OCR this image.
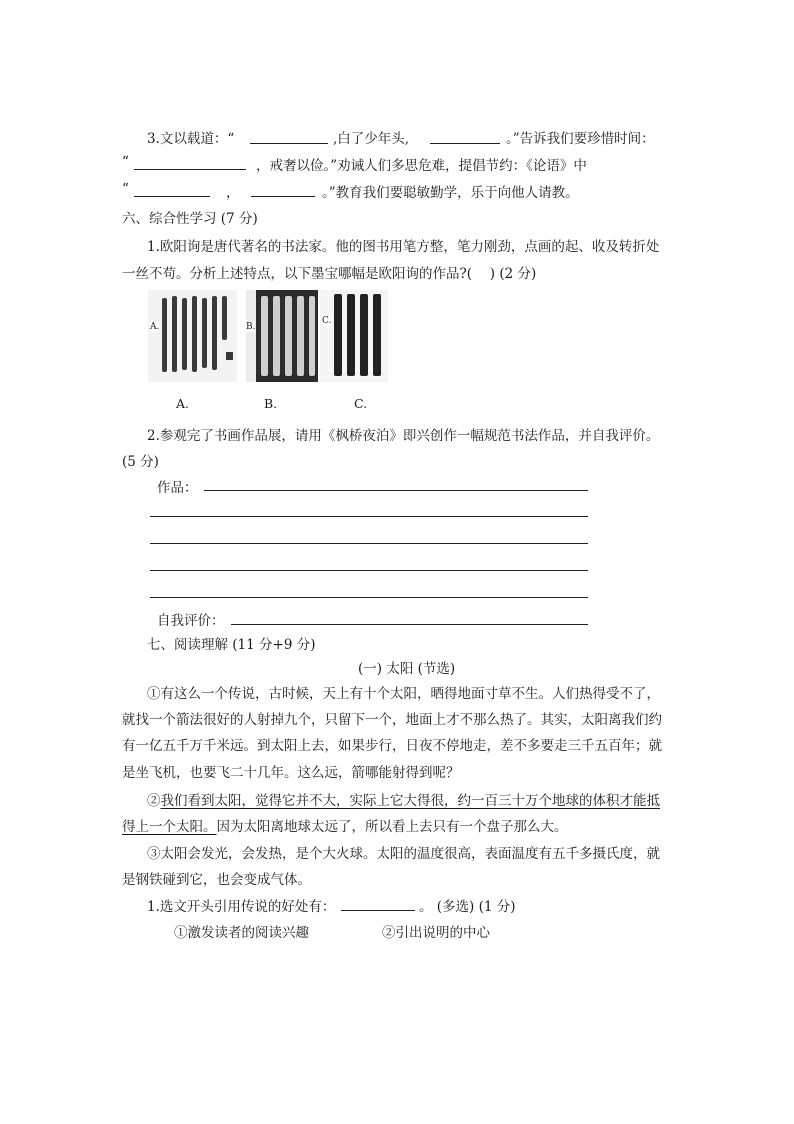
3.文以载道：“	,白了少年头,	。”告诉我们要珍惜时间：
“	，戒奢以俭。”劝诫人们多思危难，提倡节约：《论语》中
“	，	。”教育我们要聪敏勤学，乐于向他人请教。
六、综合性学习 (7 分)
1.欧阳询是唐代著名的书法家。他的图书用笔方整，笔力刚劲，点画的起、收及转折处
一丝不苟。分析上述特点，以下墨宝哪幅是欧阳询的作品?(　 ) (2 分)
A.	B.
C.
A.	B.	C.
2.参观完了书画作品展，请用《枫桥夜泊》即兴创作一幅规范书法作品，并自我评价。
(5 分)
作品：
自我评价：
七、阅读理解 (11 分+9 分)
(一) 太阳 (节选)
①有这么一个传说，古时候，天上有十个太阳，晒得地面寸草不生。人们热得受不了，
就找一个箭法很好的人射掉九个，只留下一个，地面上才不那么热了。其实，太阳离我们约
有一亿五千万千米远。到太阳上去，如果步行，日夜不停地走，差不多要走三千五百年；就
是坐飞机，也要飞二十几年。这么远，箭哪能射得到呢？
②我们看到太阳，觉得它并不大，实际上它大得很，约一百三十万个地球的体积才能抵
得上一个太阳。因为太阳离地球太远了，所以看上去只有一个盘子那么大。
③太阳会发光，会发热，是个大火球。太阳的温度很高，表面温度有五千多摄氏度，就
是钢铁碰到它，也会变成气体。
1.选文开头引用传说的好处有：	。 (多选) (1 分)
①激发读者的阅读兴趣	②引出说明的中心
